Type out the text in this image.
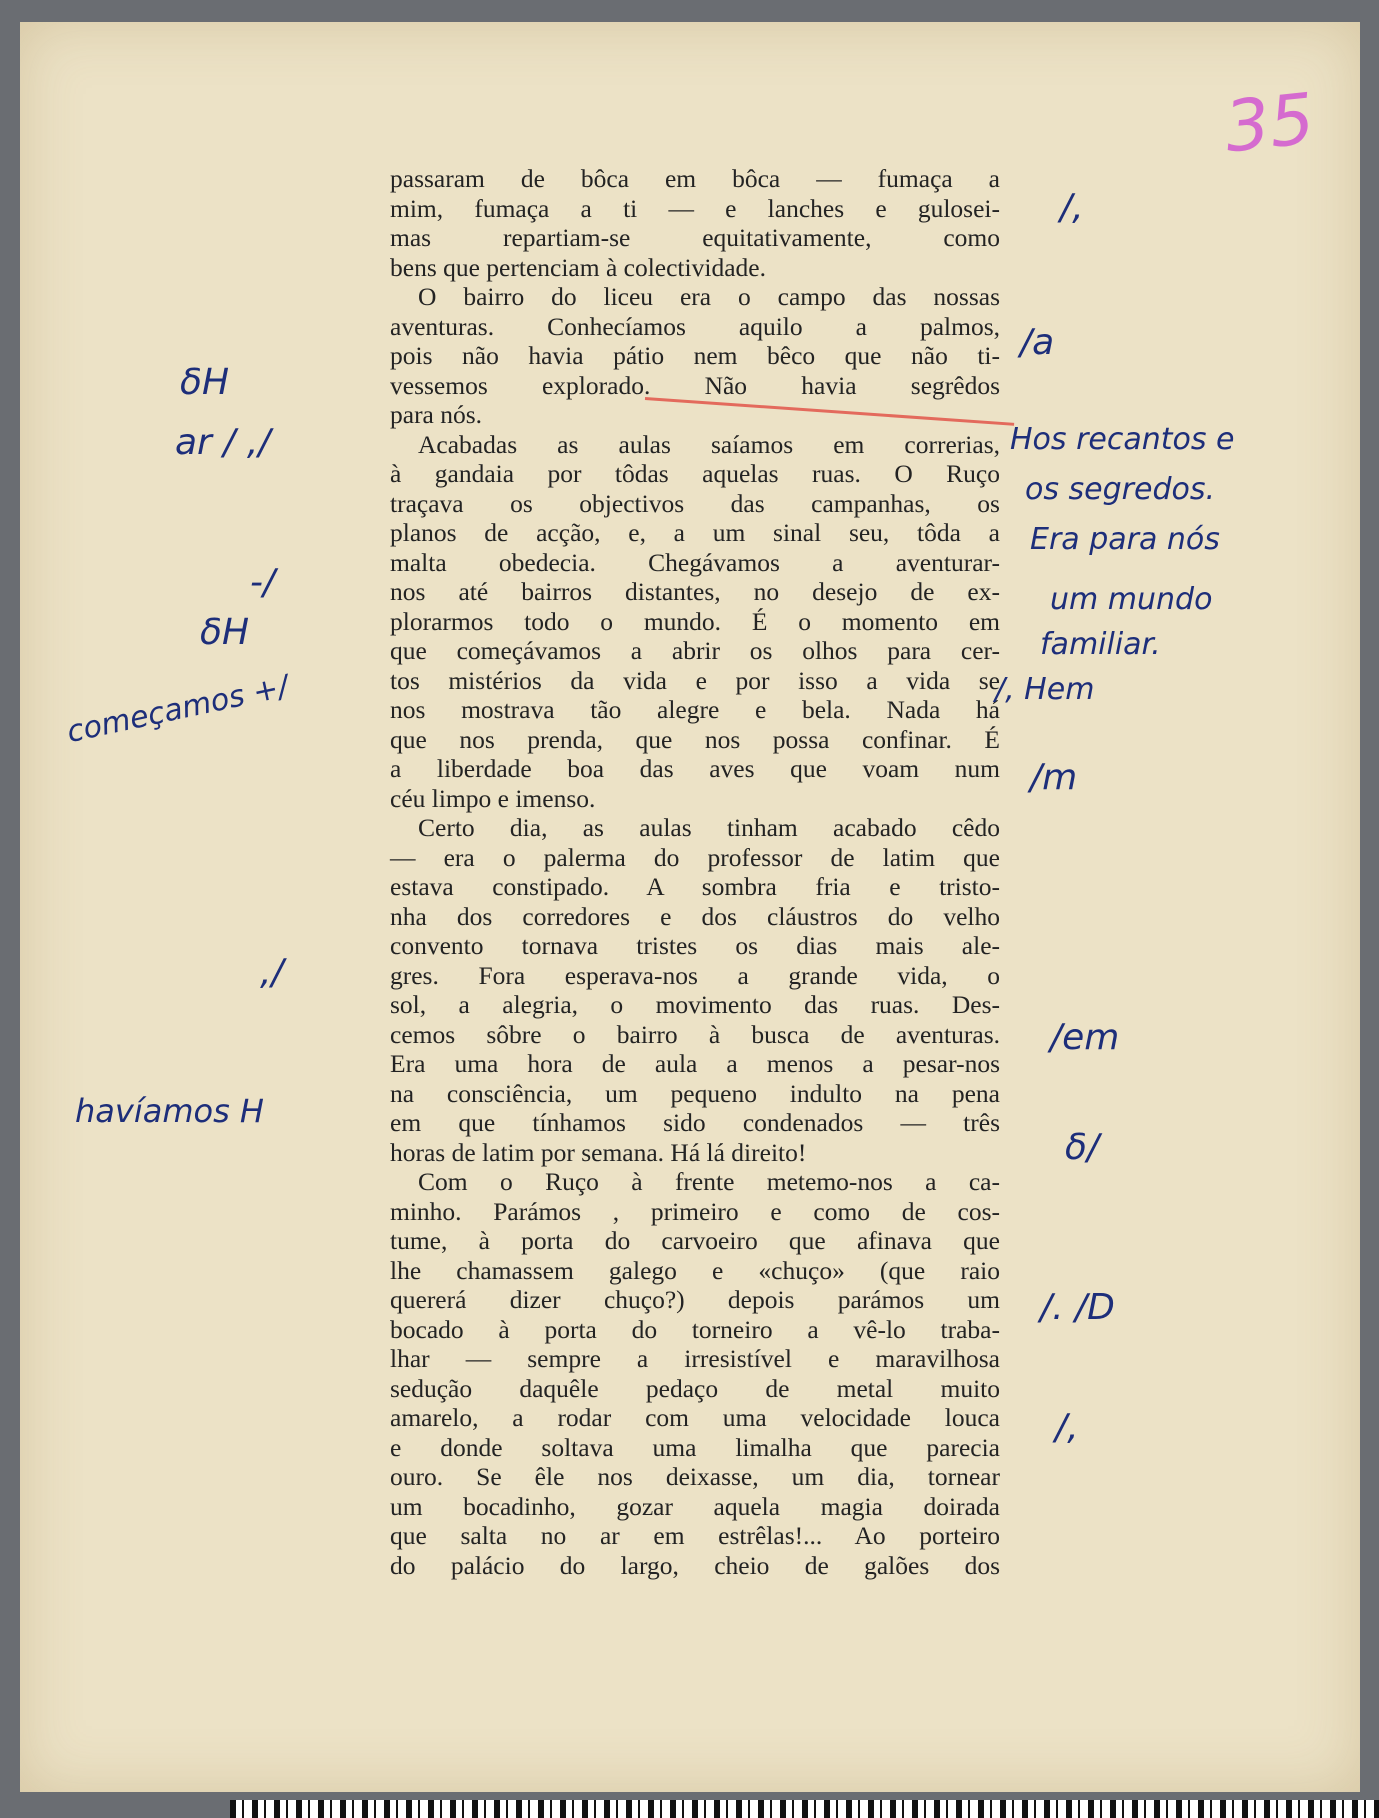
35
passaram de bôca em bôca — fumaça a
mim, fumaça a ti — e lanches e gulosei-
mas repartiam-se equitativamente, como
bens que pertenciam à colectividade.
O bairro do liceu era o campo das nossas
aventuras. Conhecíamos aquilo a palmos,
pois não havia pátio nem bêco que não ti-
vessemos explorado. Não havia segrêdos
para nós.
Acabadas as aulas saíamos em correrias,
à gandaia por tôdas aquelas ruas. O Ruço
traçava os objectivos das campanhas, os
planos de acção, e, a um sinal seu, tôda a
malta obedecia. Chegávamos a aventurar-
nos até bairros distantes, no desejo de ex-
plorarmos todo o mundo. É o momento em
que começávamos a abrir os olhos para cer-
tos mistérios da vida e por isso a vida se
nos mostrava tão alegre e bela. Nada há
que nos prenda, que nos possa confinar. É
a liberdade boa das aves que voam num
céu limpo e imenso.
Certo dia, as aulas tinham acabado cêdo
— era o palerma do professor de latim que
estava constipado. A sombra fria e tristo-
nha dos corredores e dos cláustros do velho
convento tornava tristes os dias mais ale-
gres. Fora esperava-nos a grande vida, o
sol, a alegria, o movimento das ruas. Des-
cemos sôbre o bairro à busca de aventuras.
Era uma hora de aula a menos a pesar-nos
na consciência, um pequeno indulto na pena
em que tínhamos sido condenados — três
horas de latim por semana. Há lá direito!
Com o Ruço à frente metemo-nos a ca-
minho. Parámos , primeiro e como de cos-
tume, à porta do carvoeiro que afinava que
lhe chamassem galego e «chuço» (que raio
quererá dizer chuço?) depois parámos um
bocado à porta do torneiro a vê-lo traba-
lhar — sempre a irresistível e maravilhosa
sedução daquêle pedaço de metal muito
amarelo, a rodar com uma velocidade louca
e donde soltava uma limalha que parecia
ouro. Se êle nos deixasse, um dia, tornear
um bocadinho, gozar aquela magia doirada
que salta no ar em estrêlas!... Ao porteiro
do palácio do largo, cheio de galões dos
/,
/a
Hos recantos e
os segredos.
Era para nós
um mundo
familiar.
/, Hem
/m
/em
δ/
/. /D
/,
δH
ar / ,/
-/
δH
começamos +/
,/
havíamos H
